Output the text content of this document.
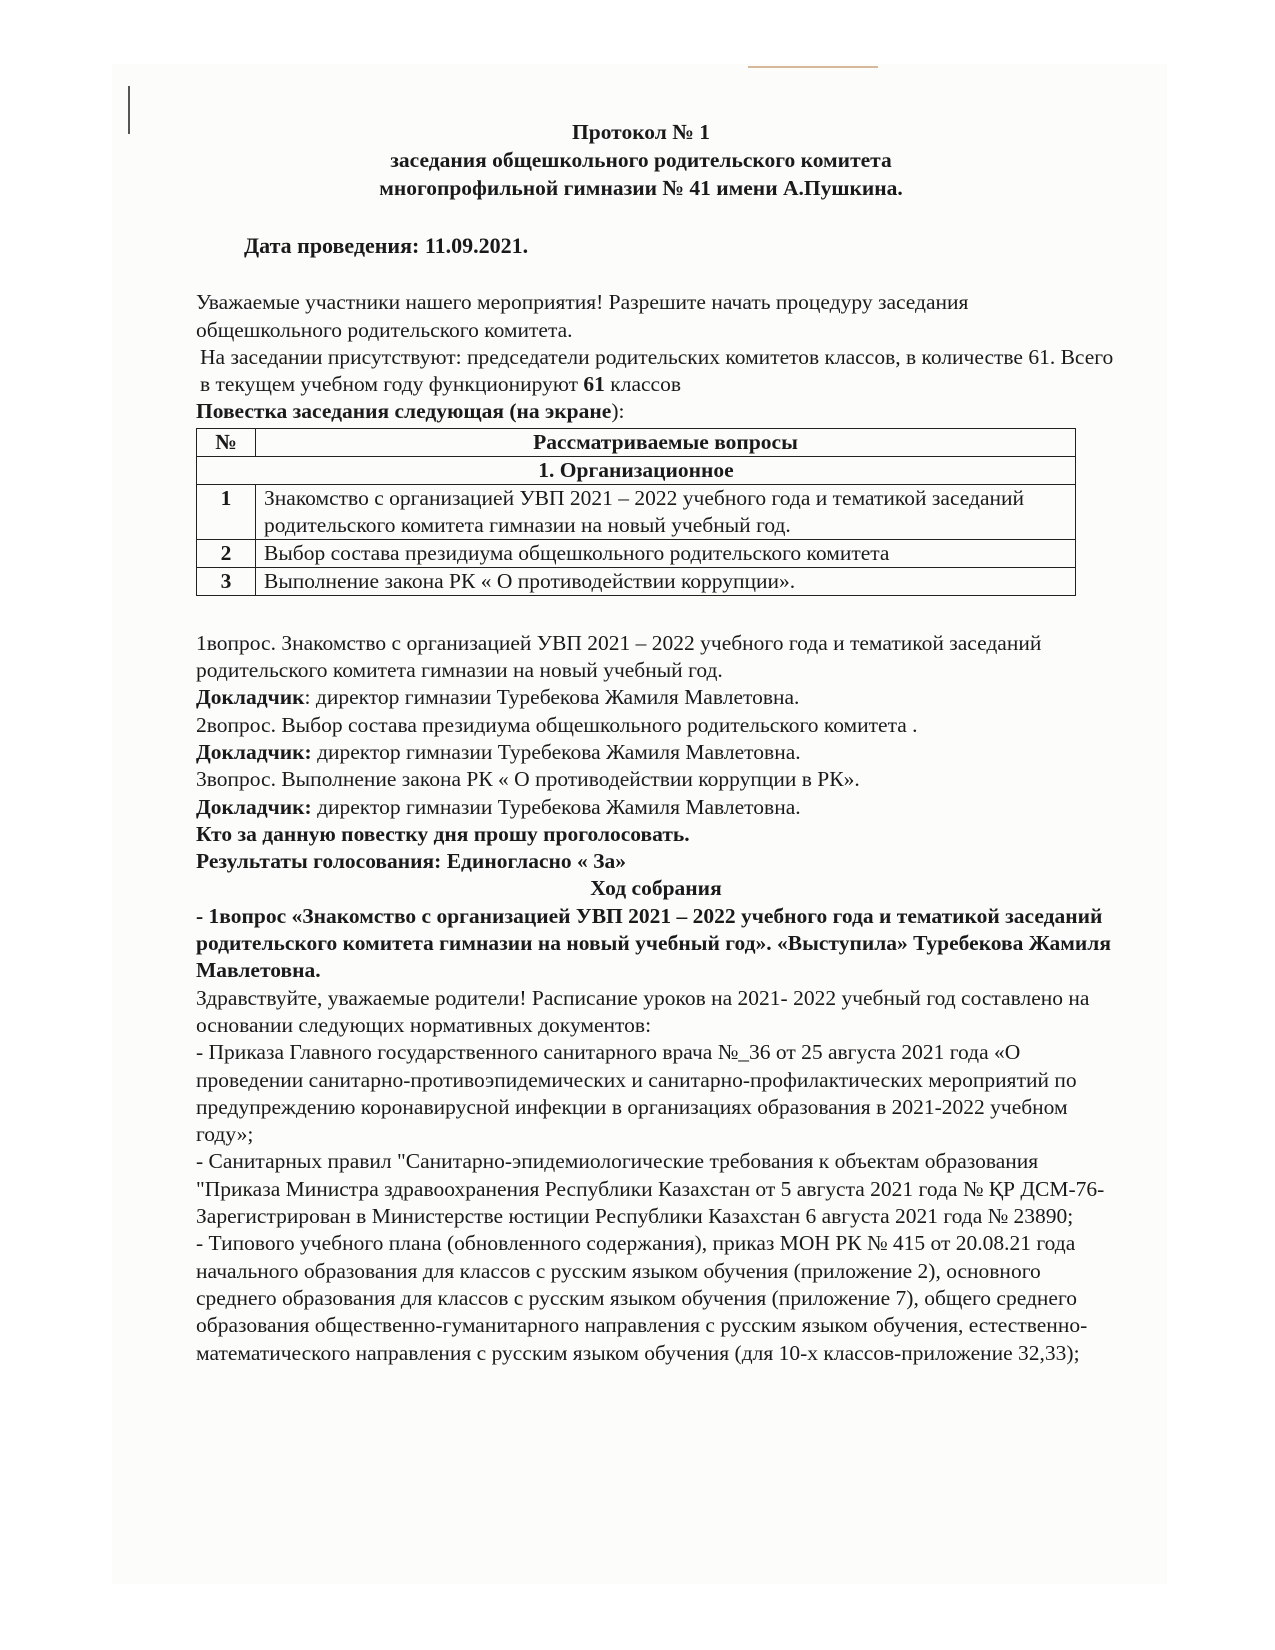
Протокол № 1
заседания общешкольного родительского комитета
многопрофильной гимназии № 41 имени А.Пушкина.
Дата проведения: 11.09.2021.

Уважаемые участники нашего мероприятия! Разрешите начать процедуру заседания общешкольного родительского комитета.

На заседании присутствуют: председатели родительских комитетов классов, в количестве 61. Всего в текущем учебном году функционируют 61 классов

Повестка заседания следующая (на экране):

№	Рассматриваемые вопросы
1. Организационное	
1	Знакомство с организацией УВП 2021 – 2022 учебного года и тематикой заседаний родительского комитета гимназии на новый учебный год.
2	Выбор состава президиума общешкольного родительского комитета
3	Выполнение закона РК « О противодействии коррупции».

1вопрос. Знакомство с организацией УВП 2021 – 2022 учебного года и тематикой заседаний родительского комитета гимназии на новый учебный год.

Докладчик: директор гимназии Туребекова Жамиля Мавлетовна.

2вопрос. Выбор состава президиума общешкольного родительского комитета .

Докладчик: директор гимназии Туребекова Жамиля Мавлетовна.

3вопрос. Выполнение закона РК « О противодействии коррупции в РК».

Докладчик: директор гимназии Туребекова Жамиля Мавлетовна.

Кто за данную повестку дня прошу проголосовать.

Результаты голосования: Единогласно « За»

Ход собрания

- 1вопрос «Знакомство с организацией УВП 2021 – 2022 учебного года и тематикой заседаний родительского комитета гимназии на новый учебный год». «Выступила» Туребекова Жамиля Мавлетовна.

Здравствуйте, уважаемые родители! Расписание уроков на 2021- 2022 учебный год составлено на основании следующих нормативных документов:

- Приказа Главного государственного санитарного врача №_36 от 25 августа 2021 года «О проведении санитарно-противоэпидемических и санитарно-профилактических мероприятий по предупреждению коронавирусной инфекции в организациях образования в 2021-2022 учебном году»;

- Санитарных правил "Санитарно-эпидемиологические требования к объектам образования "Приказа Министра здравоохранения Республики Казахстан от 5 августа 2021 года № ҚР ДСМ-76- Зарегистрирован в Министерстве юстиции Республики Казахстан 6 августа 2021 года № 23890;

- Типового учебного плана (обновленного содержания), приказ МОН РК № 415 от 20.08.21 года начального образования для классов с русским языком обучения (приложение 2), основного среднего образования для классов с русским языком обучения (приложение 7), общего среднего образования общественно-гуманитарного направления с русским языком обучения, естественно-математического направления с русским языком обучения (для 10-х классов-приложение 32,33);
